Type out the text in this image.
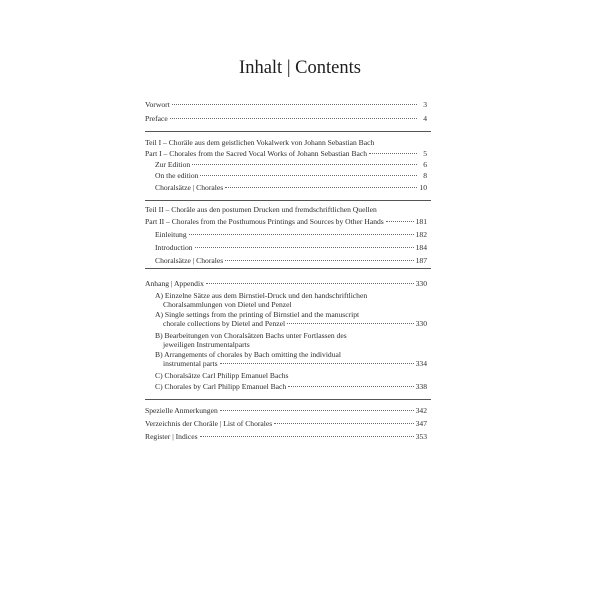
Inhalt | Contents
Vorwort	3
Preface	4
Teil I – Choräle aus dem geistlichen Vokalwerk von Johann Sebastian Bach
Part I – Chorales from the Sacred Vocal Works of Johann Sebastian Bach	5
Zur Edition	6
On the edition	8
Choralsätze | Chorales	10
Teil II – Choräle aus den postumen Drucken und fremdschriftlichen Quellen
Part II – Chorales from the Posthumous Printings and Sources by Other Hands	181
Einleitung	182
Introduction	184
Choralsätze | Chorales	187
Anhang | Appendix	330
A) Einzelne Sätze aus dem Birnstiel-Druck und den handschriftlichen
Choralsammlungen von Dietel und Penzel
A) Single settings from the printing of Birnstiel and the manuscript
chorale collections by Dietel and Penzel	330
B) Bearbeitungen von Choralsätzen Bachs unter Fortlassen des
jeweiligen Instrumentalparts
B) Arrangements of chorales by Bach omitting the individual
instrumental parts	334
C) Choralsätze Carl Philipp Emanuel Bachs
C) Chorales by Carl Philipp Emanuel Bach	338
Spezielle Anmerkungen	342
Verzeichnis der Choräle | List of Chorales	347
Register | Indices	353
